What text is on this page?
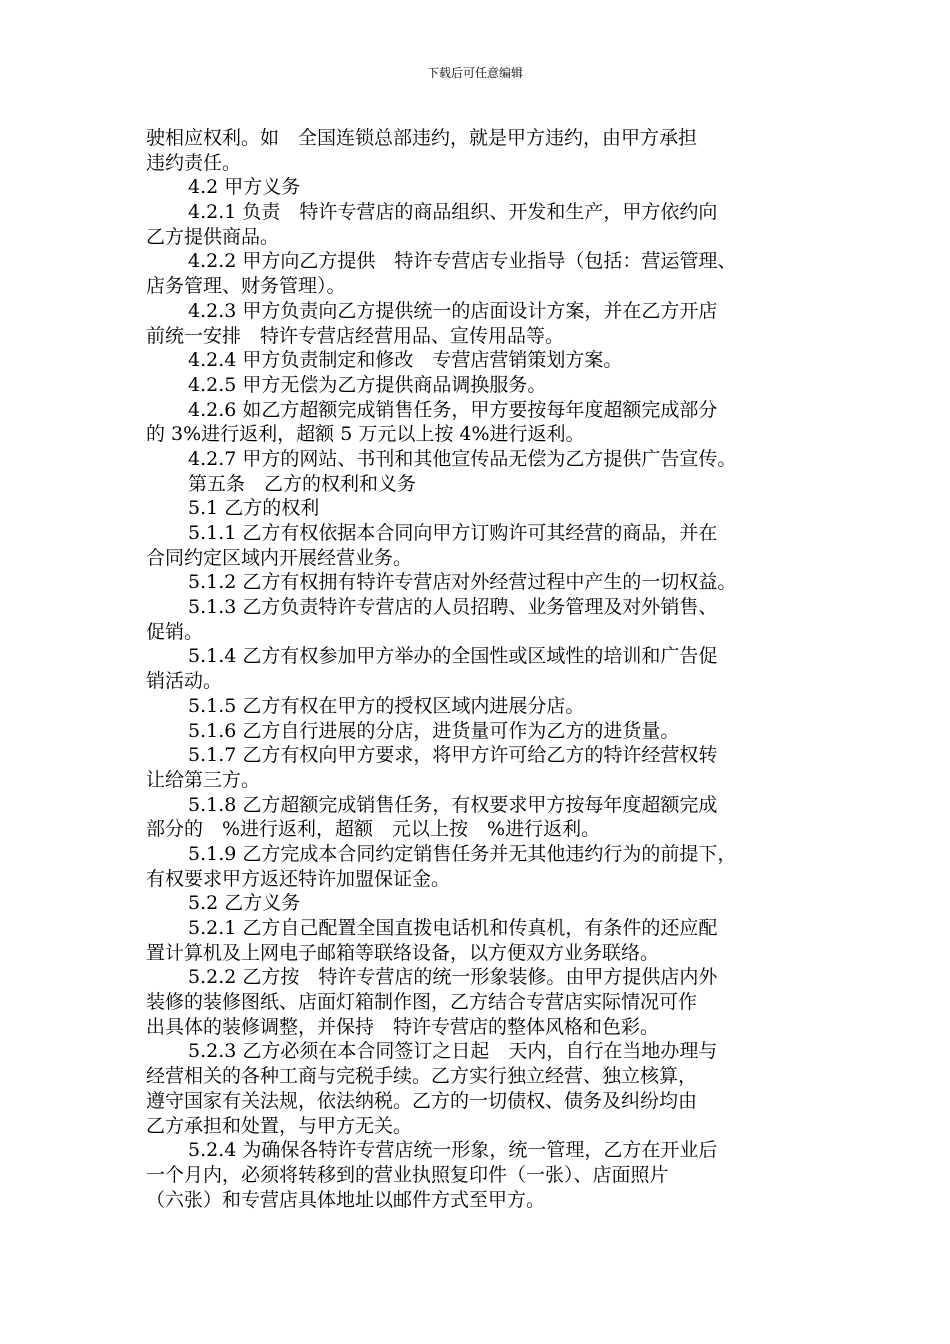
下载后可任意编辑
驶相应权利。如　全国连锁总部违约，就是甲方违约，由甲方承担
违约责任。
4.2 甲方义务
4.2.1 负责　特许专营店的商品组织、开发和生产，甲方依约向
乙方提供商品。
4.2.2 甲方向乙方提供　特许专营店专业指导（包括：营运管理、
店务管理、财务管理）。
4.2.3 甲方负责向乙方提供统一的店面设计方案，并在乙方开店
前统一安排　特许专营店经营用品、宣传用品等。
4.2.4 甲方负责制定和修改　专营店营销策划方案。
4.2.5 甲方无偿为乙方提供商品调换服务。
4.2.6 如乙方超额完成销售任务，甲方要按每年度超额完成部分
的 3%进行返利，超额 5 万元以上按 4%进行返利。
4.2.7 甲方的网站、书刊和其他宣传品无偿为乙方提供广告宣传。
第五条　乙方的权利和义务
5.1 乙方的权利
5.1.1 乙方有权依据本合同向甲方订购许可其经营的商品，并在
合同约定区域内开展经营业务。
5.1.2 乙方有权拥有特许专营店对外经营过程中产生的一切权益。
5.1.3 乙方负责特许专营店的人员招聘、业务管理及对外销售、
促销。
5.1.4 乙方有权参加甲方举办的全国性或区域性的培训和广告促
销活动。
5.1.5 乙方有权在甲方的授权区域内进展分店。
5.1.6 乙方自行进展的分店，进货量可作为乙方的进货量。
5.1.7 乙方有权向甲方要求，将甲方许可给乙方的特许经营权转
让给第三方。
5.1.8 乙方超额完成销售任务，有权要求甲方按每年度超额完成
部分的　%进行返利，超额　元以上按　%进行返利。
5.1.9 乙方完成本合同约定销售任务并无其他违约行为的前提下，
有权要求甲方返还特许加盟保证金。
5.2 乙方义务
5.2.1 乙方自己配置全国直拨电话机和传真机，有条件的还应配
置计算机及上网电子邮箱等联络设备，以方便双方业务联络。
5.2.2 乙方按　特许专营店的统一形象装修。由甲方提供店内外
装修的装修图纸、店面灯箱制作图，乙方结合专营店实际情况可作
出具体的装修调整，并保持　特许专营店的整体风格和色彩。
5.2.3 乙方必须在本合同签订之日起　天内，自行在当地办理与
经营相关的各种工商与完税手续。乙方实行独立经营、独立核算，
遵守国家有关法规，依法纳税。乙方的一切债权、债务及纠纷均由
乙方承担和处置，与甲方无关。
5.2.4 为确保各特许专营店统一形象，统一管理，乙方在开业后
一个月内，必须将转移到的营业执照复印件（一张）、店面照片
（六张）和专营店具体地址以邮件方式至甲方。
